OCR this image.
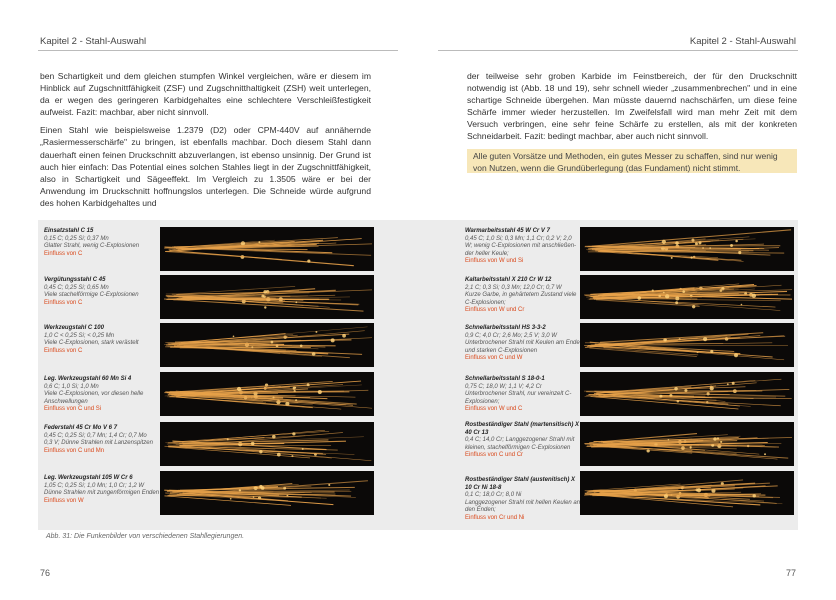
Kapitel 2 - Stahl-Auswahl	Kapitel 2 - Stahl-Auswahl

ben Schartigkeit und dem gleichen stumpfen Winkel vergleichen, wäre er diesem im Hinblick auf Zugschnittfähigkeit (ZSF) und Zugschnitthaltigkeit (ZSH) weit unterlegen, da er wegen des geringeren Karbidgehaltes eine schlechtere Verschleißfestigkeit aufweist. Fazit: machbar, aber nicht sinnvoll.

Einen Stahl wie beispielsweise 1.2379 (D2) oder CPM-440V auf annähernde „Rasiermesserschärfe" zu bringen, ist ebenfalls machbar. Doch diesem Stahl dann dauerhaft einen feinen Druckschnitt abzuverlangen, ist ebenso unsinnig. Der Grund ist auch hier einfach: Das Potential eines solchen Stahles liegt in der Zugschnittfähigkeit, also in Schartigkeit und Sägeeffekt. Im Vergleich zu 1.3505 wäre er bei der Anwendung im Druckschnitt hoffnungslos unterlegen. Die Schneide würde aufgrund des hohen Karbidgehaltes und

der teilweise sehr groben Karbide im Feinstbereich, der für den Druckschnitt notwendig ist (Abb. 18 und 19), sehr schnell wieder „zusammenbrechen" und in eine schartige Schneide übergehen. Man müsste dauernd nachschärfen, um diese feine Schärfe immer wieder herzustellen. Im Zweifelsfall wird man mehr Zeit mit dem Versuch verbringen, eine sehr feine Schärfe zu erstellen, als mit der konkreten Schneidarbeit. Fazit: bedingt machbar, aber auch nicht sinnvoll.

Alle guten Vorsätze und Methoden, ein gutes Messer zu schaffen, sind nur wenig von Nutzen, wenn die Grundüberlegung (das Fundament) nicht stimmt.
Einsatzstahl C 15
0,15 C; 0,25 Si; 0,37 Mn
Glatter Strahl, wenig C-Explosionen
Einfluss von C
Vergütungsstahl C 45
0,45 C; 0,25 Si; 0,65 Mn
Viele stachelförmige C-Explosionen
Einfluss von C
Werkzeugstahl C 100
1,0 C < 0,25 Si; < 0,25 Mn
Viele C-Explosionen, stark verästelt
Einfluss von C
Leg. Werkzeugstahl 60 Mn Si 4
0,6 C; 1,0 Si; 1,0 Mn
Viele C-Explosionen, vor diesen helle Anschwellungen
Einfluss von C und Si
Federstahl 45 Cr Mo V 6 7
0,45 C; 0,25 Si; 0,7 Mn; 1,4 Cr; 0,7 Mo
0,3 V; Dünne Strahlen mit Lanzenspitzen
Einfluss von C und Mn
Leg. Werkzeugstahl 105 W Cr 6
1,05 C; 0,25 Si; 1,0 Mn; 1,0 Cr; 1,2 W
Dünne Strahlen mit zungenförmigen Enden
Einfluss von W
Warmarbeitsstahl 45 W Cr V 7
0,45 C; 1,0 Si; 0,3 Mn; 1,1 Cr; 0,2 V; 2,0
W; wenig C-Explosionen mit anschließen- der heller Keule;
Einfluss von W und Si
Kaltarbeitsstahl X 210 Cr W 12
2,1 C; 0,3 Si; 0,3 Mn; 12,0 Cr; 0,7 W
Kurze Garbe, in gehärtetem Zustand viele C-Explosionen;
Einfluss von W und Cr
Schnellarbeitsstahl HS 3-3-2
0,9 C; 4,0 Cr; 2,6 Mo; 2,5 V; 3,0 W
Unterbrochener Strahl mit Keulen am Ende und starken C-Explosionen
Einfluss von C und W
Schnellarbeitsstahl S 18-0-1
0,75 C; 18,0 W; 1,1 V; 4,2 Cr
Unterbrochener Strahl, nur vereinzelt C-Explosionen;
Einfluss von W und C
Rostbeständiger Stahl (martensitisch) X 40 Cr 13
0,4 C; 14,0 Cr; Langgezogener Strahl mit kleinen, stachelförmigen C-Explosionen
Einfluss von C und Cr
Rostbeständiger Stahl (austenitisch) X 10 Cr Ni 18-8
0,1 C; 18,0 Cr; 8,0 Ni
Langgezogener Strahl mit hellen Keulen an den Enden;
Einfluss von Cr und Ni
Abb. 31: Die Funkenbilder von verschiedenen Stahllegierungen.
76	77
